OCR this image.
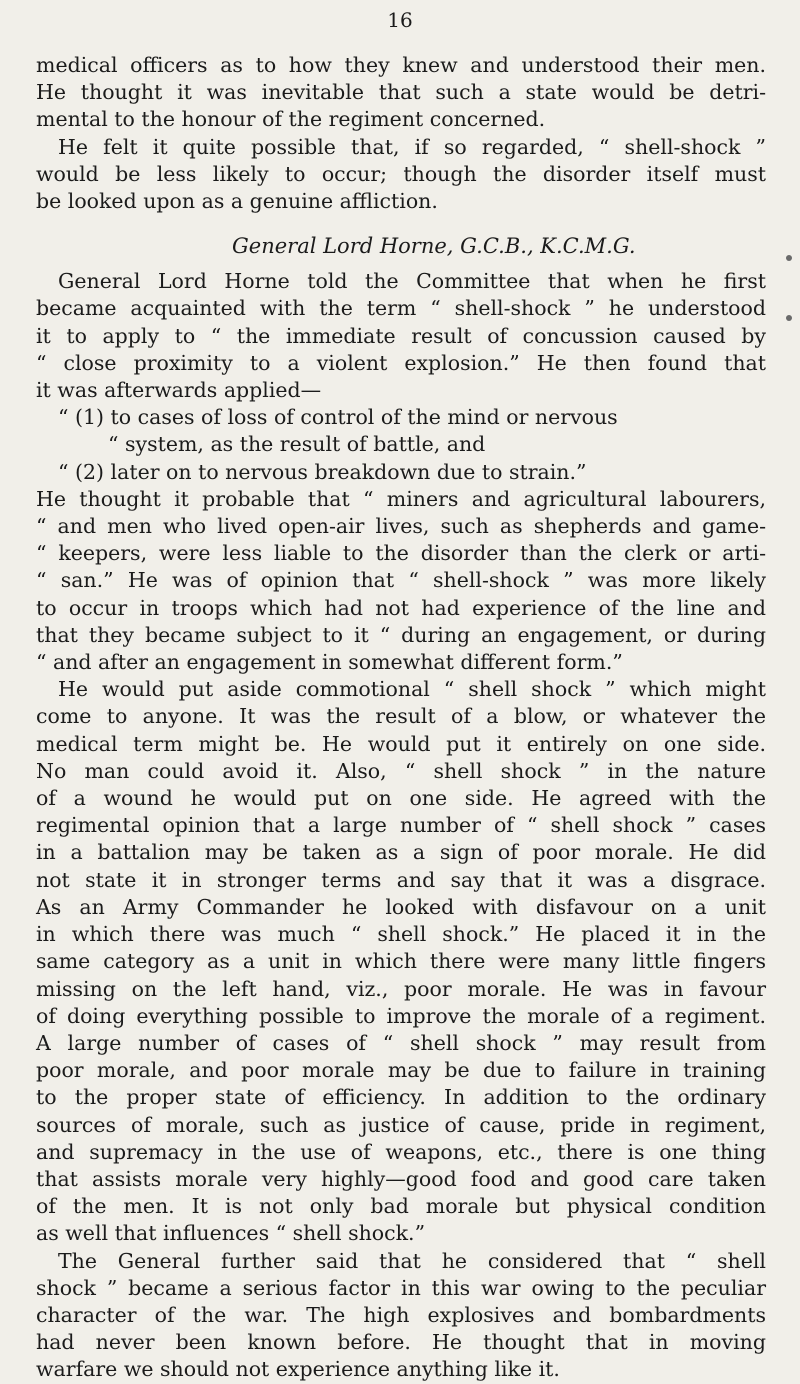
16
medical officers as to how they knew and understood their men.
He thought it was inevitable that such a state would be detri-
mental to the honour of the regiment concerned.
He felt it quite possible that, if so regarded, “ shell-shock ”
would be less likely to occur; though the disorder itself must
be looked upon as a genuine affliction.
General Lord Horne, G.C.B., K.C.M.G.
General Lord Horne told the Committee that when he first
became acquainted with the term “ shell-shock ” he understood
it to apply to “ the immediate result of concussion caused by
“ close proximity to a violent explosion.” He then found that
it was afterwards applied—
“ (1) to cases of loss of control of the mind or nervous
“ system, as the result of battle, and
“ (2) later on to nervous breakdown due to strain.”
He thought it probable that “ miners and agricultural labourers,
“ and men who lived open-air lives, such as shepherds and game-
“ keepers, were less liable to the disorder than the clerk or arti-
“ san.” He was of opinion that “ shell-shock ” was more likely
to occur in troops which had not had experience of the line and
that they became subject to it “ during an engagement, or during
“ and after an engagement in somewhat different form.”
He would put aside commotional “ shell shock ” which might
come to anyone. It was the result of a blow, or whatever the
medical term might be. He would put it entirely on one side.
No man could avoid it. Also, “ shell shock ” in the nature
of a wound he would put on one side. He agreed with the
regimental opinion that a large number of “ shell shock ” cases
in a battalion may be taken as a sign of poor morale. He did
not state it in stronger terms and say that it was a disgrace.
As an Army Commander he looked with disfavour on a unit
in which there was much “ shell shock.” He placed it in the
same category as a unit in which there were many little fingers
missing on the left hand, viz., poor morale. He was in favour
of doing everything possible to improve the morale of a regiment.
A large number of cases of “ shell shock ” may result from
poor morale, and poor morale may be due to failure in training
to the proper state of efficiency. In addition to the ordinary
sources of morale, such as justice of cause, pride in regiment,
and supremacy in the use of weapons, etc., there is one thing
that assists morale very highly—good food and good care taken
of the men. It is not only bad morale but physical condition
as well that influences “ shell shock.”
The General further said that he considered that “ shell
shock ” became a serious factor in this war owing to the peculiar
character of the war. The high explosives and bombardments
had never been known before. He thought that in moving
warfare we should not experience anything like it.
